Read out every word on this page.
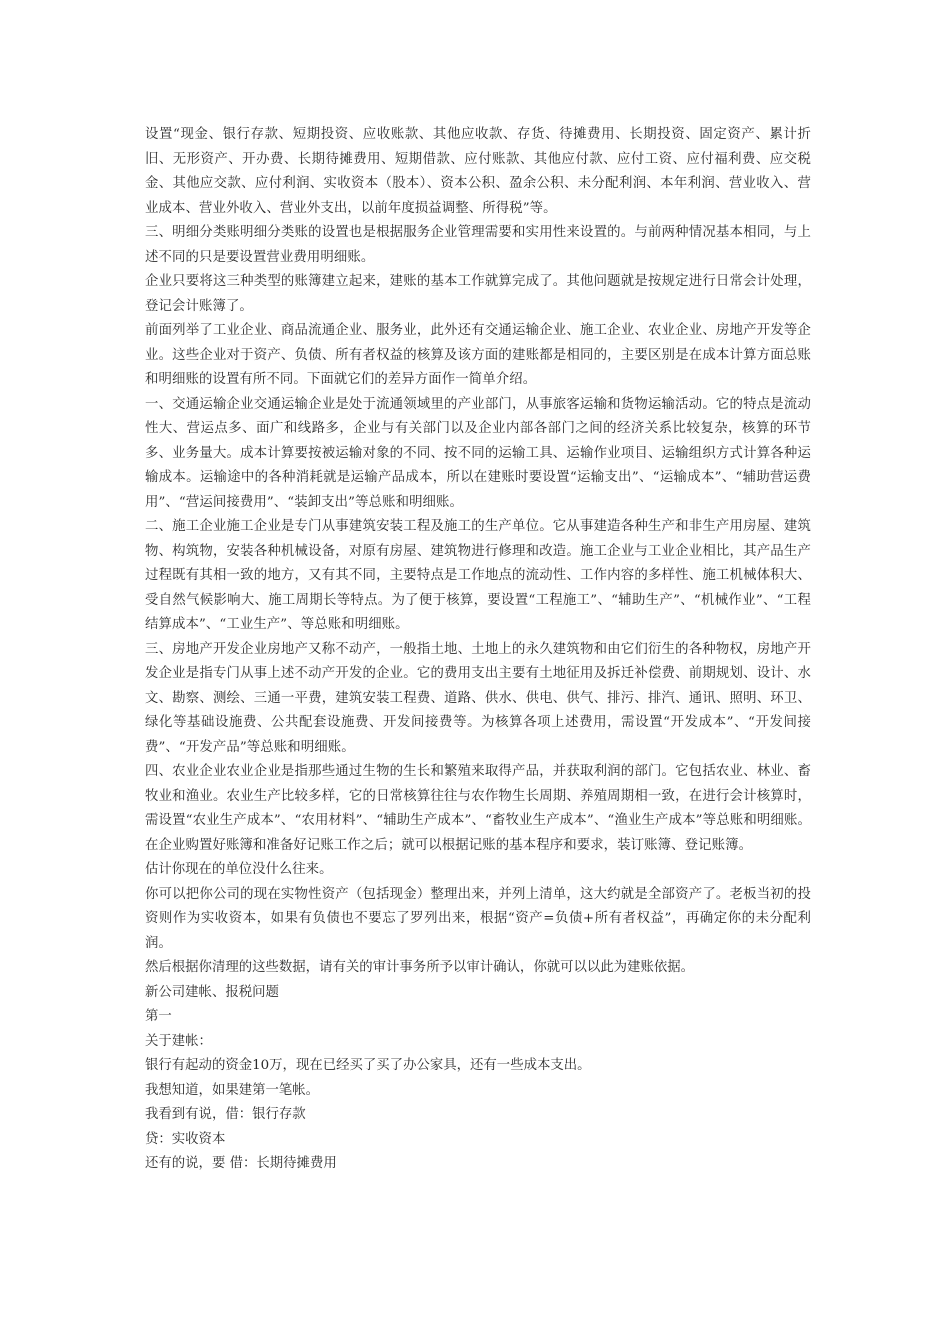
设置“现金、银行存款、短期投资、应收账款、其他应收款、存货、待摊费用、长期投资、固定资产、累计折旧、无形资产、开办费、长期待摊费用、短期借款、应付账款、其他应付款、应付工资、应付福利费、应交税金、其他应交款、应付利润、实收资本（股本）、资本公积、盈余公积、未分配利润、本年利润、营业收入、营业成本、营业外收入、营业外支出，以前年度损益调整、所得税”等。

三、明细分类账明细分类账的设置也是根据服务企业管理需要和实用性来设置的。与前两种情况基本相同，与上述不同的只是要设置营业费用明细账。

企业只要将这三种类型的账簿建立起来，建账的基本工作就算完成了。其他问题就是按规定进行日常会计处理，登记会计账簿了。

前面列举了工业企业、商品流通企业、服务业，此外还有交通运输企业、施工企业、农业企业、房地产开发等企业。这些企业对于资产、负债、所有者权益的核算及该方面的建账都是相同的，主要区别是在成本计算方面总账和明细账的设置有所不同。下面就它们的差异方面作一简单介绍。

一、交通运输企业交通运输企业是处于流通领域里的产业部门，从事旅客运输和货物运输活动。它的特点是流动性大、营运点多、面广和线路多，企业与有关部门以及企业内部各部门之间的经济关系比较复杂，核算的环节多、业务量大。成本计算要按被运输对象的不同、按不同的运输工具、运输作业项目、运输组织方式计算各种运输成本。运输途中的各种消耗就是运输产品成本，所以在建账时要设置“运输支出”、“运输成本”、“辅助营运费用”、“营运间接费用”、“装卸支出”等总账和明细账。

二、施工企业施工企业是专门从事建筑安装工程及施工的生产单位。它从事建造各种生产和非生产用房屋、建筑物、构筑物，安装各种机械设备，对原有房屋、建筑物进行修理和改造。施工企业与工业企业相比，其产品生产过程既有其相一致的地方，又有其不同，主要特点是工作地点的流动性、工作内容的多样性、施工机械体积大、受自然气候影响大、施工周期长等特点。为了便于核算，要设置“工程施工”、“辅助生产”、“机械作业”、“工程结算成本”、“工业生产”、等总账和明细账。

三、房地产开发企业房地产又称不动产，一般指土地、土地上的永久建筑物和由它们衍生的各种物权，房地产开发企业是指专门从事上述不动产开发的企业。它的费用支出主要有土地征用及拆迁补偿费、前期规划、设计、水文、勘察、测绘、三通一平费，建筑安装工程费、道路、供水、供电、供气、排污、排汽、通讯、照明、环卫、绿化等基础设施费、公共配套设施费、开发间接费等。为核算各项上述费用，需设置“开发成本”、“开发间接费”、“开发产品”等总账和明细账。

四、农业企业农业企业是指那些通过生物的生长和繁殖来取得产品，并获取利润的部门。它包括农业、林业、畜牧业和渔业。农业生产比较多样，它的日常核算往往与农作物生长周期、养殖周期相一致，在进行会计核算时，需设置“农业生产成本”、“农用材料”、“辅助生产成本”、“畜牧业生产成本”、“渔业生产成本”等总账和明细账。在企业购置好账簿和准备好记账工作之后；就可以根据记账的基本程序和要求，装订账簿、登记账簿。

估计你现在的单位没什么往来。

你可以把你公司的现在实物性资产（包括现金）整理出来，并列上清单，这大约就是全部资产了。老板当初的投资则作为实收资本，如果有负债也不要忘了罗列出来，根据“资产=负债+所有者权益”，再确定你的未分配利润。

然后根据你清理的这些数据，请有关的审计事务所予以审计确认，你就可以以此为建账依据。

新公司建帐、报税问题

第一

关于建帐：

银行有起动的资金10万，现在已经买了买了办公家具，还有一些成本支出。

我想知道，如果建第一笔帐。

我看到有说，借：银行存款

贷：实收资本

还有的说，要 借：长期待摊费用
